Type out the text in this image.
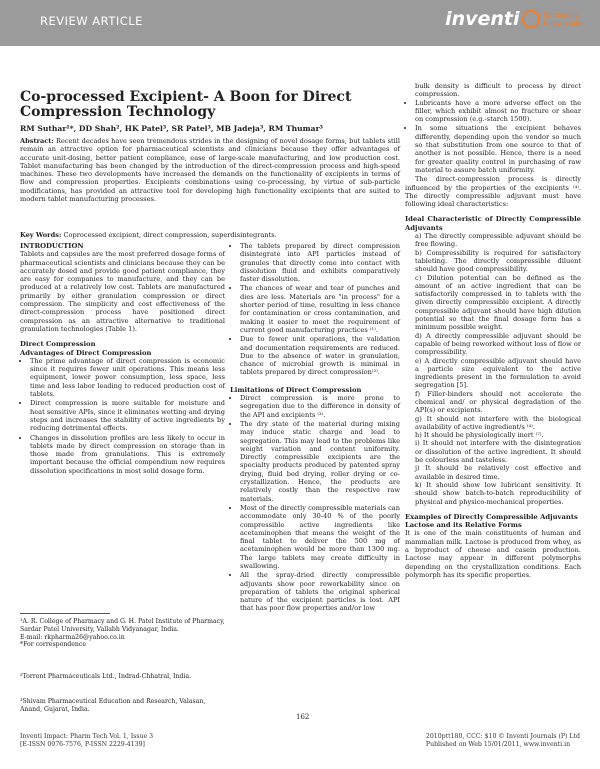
REVIEW ARTICLE	inventi	Spreading
Knowledge
Co-processed Excipient- A Boon for Direct Compression Technology
RM Suthar¹*, DD Shah², HK Patel³, SR Patel³, MB Jadeja³, RM Thumar³
Abstract: Recent decades have seen tremendous strides in the designing of novel dosage forms, but tablets still remain an attractive option for pharmaceutical scientists and clinicians because they offer advantages of accurate unit-dosing, better patient compliance, ease of large-scale manufacturing, and low production cost. Tablet manufacturing has been changed by the introduction of the direct-compression process and high-speed machines. These two developments have increased the demands on the functionality of excipients in terms of flow and compression properties. Excipients combinations using co-processing, by virtue of sub-particle modifications, has provided an attractive tool for developing high functionality excipients that are suited to modern tablet manufacturing processes.
Key Words: Coprocessed excipient, direct compression, superdisintegrants.
INTRODUCTION
Tablets and capsules are the most preferred dosage forms of pharmaceutical scientists and clinicians because they can be accurately dosed and provide good patient compliance, they are easy for companies to manufacture, and they can be produced at a relatively low cost. Tablets are manufactured primarily by either granulation compression or direct compression. The simplicity and cost effectiveness of the direct-compression process have positioned direct compression as an attractive alternative to traditional granulation technologies (Table 1).
Direct Compression
Advantages of Direct Compression
• The prime advantage of direct compression is economic since it requires fewer unit operations. This means less equipment, lower power consumption, less space, less time and less labor leading to reduced production cost of tablets.
• Direct compression is more suitable for moisture and heat sensitive APIs, since it eliminates wetting and drying steps and increases the stability of active ingredients by reducing detrimental effects.
• Changes in dissolution profiles are less likely to occur in tablets made by direct compression on storage than in those made from granulations. This is extremely important because the official compendium now requires dissolution specifications in most solid dosage form.
¹A. R. College of Pharmacy and G. H. Patel Institute of Pharmacy, Sardar Patel University, Vallabh Vidyanagar, India.
E-mail: rkpharma26@yahoo.co.in
*For correspondence
²Torrent Pharmaceuticals Ltd., Indrad-Chhatral, India.
³Shivam Pharmaceutical Education and Research, Valasan, Anand, Gujarat, India.
• The tablets prepared by direct compression disintegrate into API particles instead of granules that directly come into contact with dissolution fluid and exhibits comparatively faster dissolution.
• The chances of wear and tear of punches and dies are less. Materials are "in process" for a shorter period of time, resulting in less chance for contamination or cross contamination, and making it easier to meet the requirement of current good manufacturing practices ⁽¹⁾.
• Due to fewer unit operations, the validation and documentation requirements are reduced. Due to the absence of water in granulation, chance of microbial growth is minimal in tablets prepared by direct compression⁽²⁾.
Limitations of Direct Compression
• Direct compression is more prone to segregation due to the difference in density of the API and excipients ⁽³⁾.
• The dry state of the material during mixing may induce static charge and lead to segregation. This may lead to the problems like weight variation and content uniformity. Directly compressible excipients are the specialty products produced by patented spray drying, fluid bed drying, roller drying or co-crystallization. Hence, the products are relatively costly than the respective raw materials.
• Most of the directly compressible materials can accommodate only 30-40 % of the poorly compressible active ingredients like acetaminophen that means the weight of the final tablet to deliver the 500 mg of acetaminophen would be more than 1300 mg. The large tablets may create difficulty in swallowing.
• All the spray-dried directly compressible adjuvants show poor reworkability since on preparation of tablets the original spherical nature of the excipient particles is lost. API that has poor flow properties and/or low
bulk density is difficult to process by direct compression.
• Lubricants have a more adverse effect on the filler, which exhibit almost no fracture or shear on compression (e.g.-starch 1500).
• In some situations the excipient behaves differently, depending upon the vendor so much so that substitution from one source to that of another is not possible. Hence, there is a need for greater quality control in purchasing of raw material to assure batch uniformity.
The direct-compression process is directly influenced by the properties of the excipients ⁽⁴⁾. The directly compressible adjuvant must have following ideal characteristics:
Ideal Characteristic of Directly Compressible Adjuvants
a) The directly compressible adjuvant should be free flowing.
b) Compressibility is required for satisfactory tableting. The directly compressible diluent should have good compressibility.
c) Dilution potential can be defined as the amount of an active ingredient that can be satisfactorily compressed in to tablets with the given directly compressible excipient. A directly compressible adjuvant should have high dilution potential so that the final dosage form has a minimum possible weight.
d) A directly compressible adjuvant should be capable of being reworked without loss of flow or compressibility.
e) A directly compressible adjuvant should have a particle size equivalent to the active ingredients present in the formulation to avoid segregation [5].
f) Filler-binders should not accelerate the chemical and/ or physical degradation of the API(s) or excipients.
g) It should not interfere with the biological availability of active ingredient/s ⁽⁴⁾.
h) It should be physiologically inert ⁽⁷⁾.
i) It should not interfere with the disintegration or dissolution of the active ingredient. It should be colourless and tasteless.
j) It should be relatively cost effective and available in desired time.
k) It should show low lubricant sensitivity. It should show batch-to-batch reproducibility of physical and physico-mechanical properties.
Examples of Directly Compressible Adjuvants
Lactose and its Relative Forms
It is one of the main constituents of human and mammalian milk. Lactose is produced from whey, as a byproduct of cheese and casein production. Lactose may appear in different polymorphs depending on the crystallization conditions. Each polymorph has its specific properties.
162
Inventi Impact: Pharm Tech Vol. 1, Issue 3
[E-ISSN 0976-7576, P-ISSN 2229-4139]
2010ptt180, CCC: $10 © Inventi Journals (P) Ltd
Published on Web 15/01/2011, www.inventi.in
